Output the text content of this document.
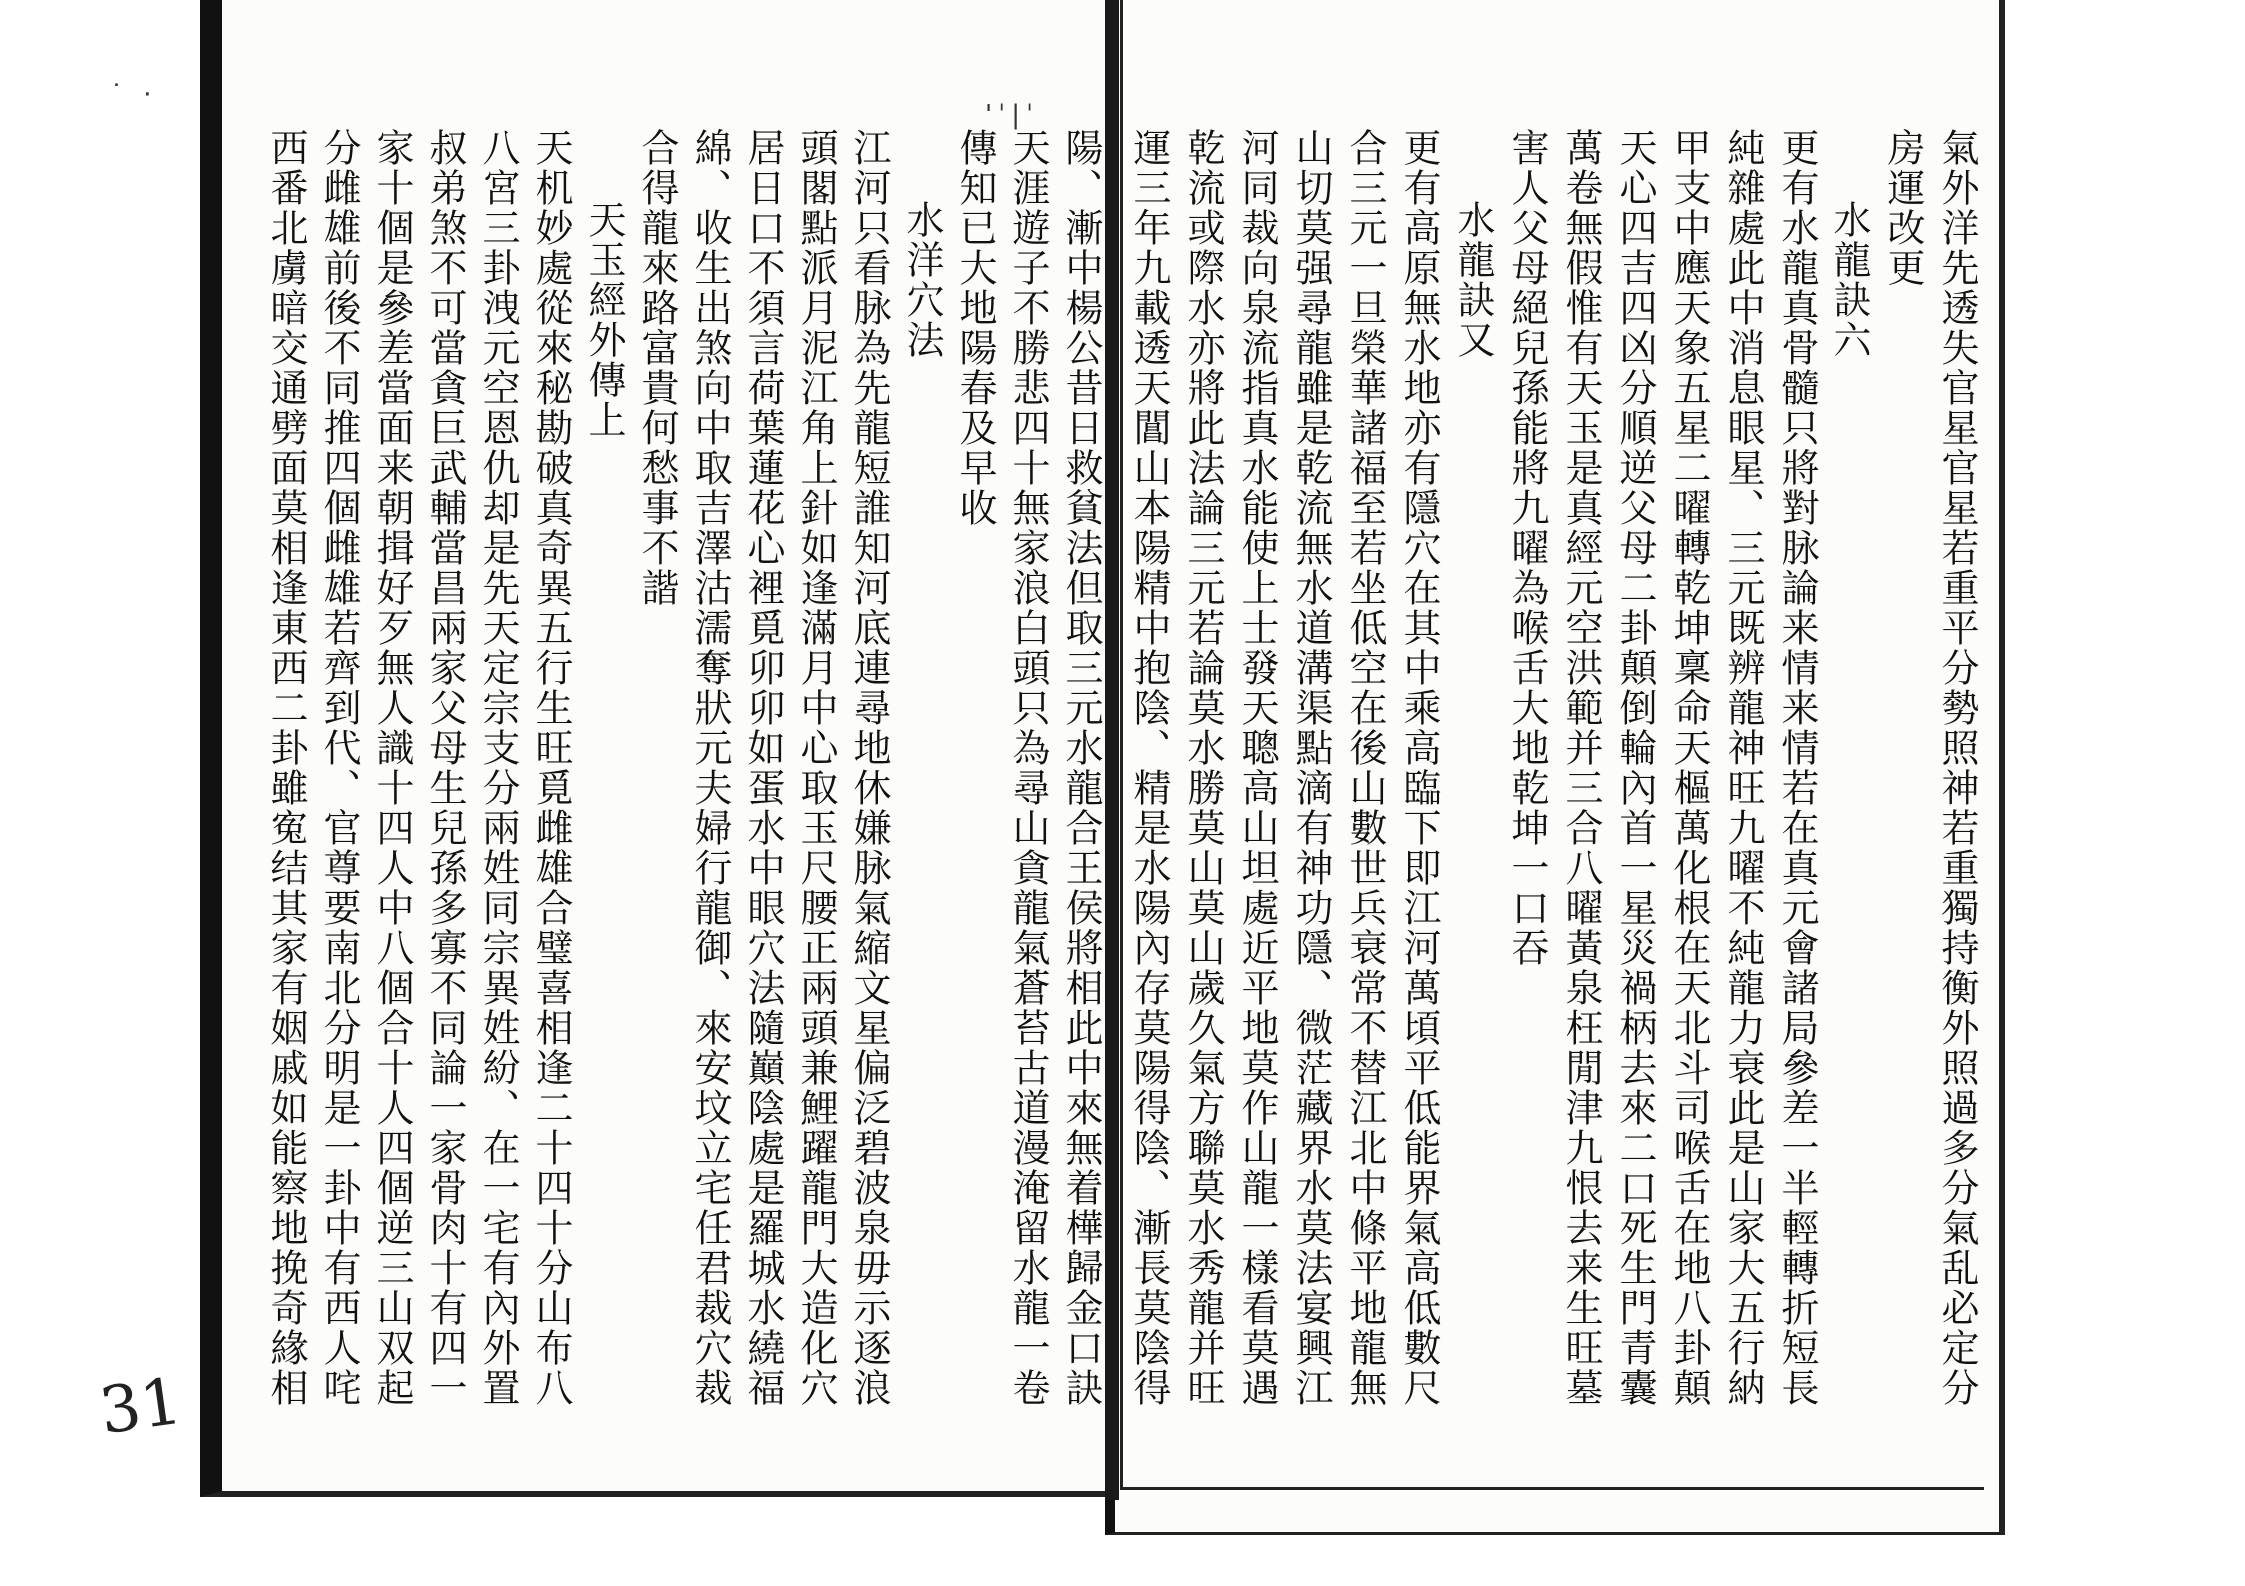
氣外洋先透失官星官星若重平分勢照神若重獨持衡外照過多分氣乱必定分
房運改更
水龍訣六
更有水龍真骨髓只將對脉論来情来情若在真元會諸局參差一半輕轉折短長
純雜處此中消息眼星、三元既辨龍神旺九曜不純龍力衰此是山家大五行納
甲支中應天象五星二曜轉乾坤稟命天樞萬化根在天北斗司喉舌在地八卦顛
天心四吉四凶分順逆父母二卦顛倒輪內首一星災禍柄去來二口死生門青囊
萬卷無假惟有天玉是真經元空洪範并三合八曜黃泉枉閒津九恨去来生旺墓
害人父母絕兒孫能將九曜為喉舌大地乾坤一口吞
水龍訣又
更有高原無水地亦有隱穴在其中乘高臨下即江河萬頃平低能界氣高低數尺
合三元一旦榮華諸福至若坐低空在後山數世兵衰常不替江北中條平地龍無
山切莫强尋龍雖是乾流無水道溝渠點滴有神功隱、微茫藏界水莫法宴興江
河同裁向泉流指真水能使上士發天聰高山坦處近平地莫作山龍一樣看莫遇
乾流或際水亦將此法論三元若論莫水勝莫山莫山歲久氣方聯莫水秀龍并旺
運三年九載透天閶山本陽精中抱陰、精是水陽內存莫陽得陰、漸長莫陰得
陽、漸中楊公昔日救貧法但取三元水龍合王侯將相此中來無着樺歸金口訣
天涯遊子不勝悲四十無家浪白頭只為尋山貪龍氣蒼苔古道漫淹留水龍一卷
傳知已大地陽春及早收
水洋穴法
江河只看脉為先龍短誰知河底連尋地休嫌脉氣縮文星偏泛碧波泉毋示逐浪
頭閣點派月泥江角上針如逢滿月中心取玉尺腰正兩頭兼鯉躍龍門大造化穴
居日口不須言荷葉蓮花心裡覓卯卯如蛋水中眼穴法隨巔陰處是羅城水繞福
綿、收生出煞向中取吉澤沽濡奪狀元夫婦行龍御、來安坟立宅任君裁穴裁
合得龍來路富貴何愁事不諧
天玉經外傳上
天机妙處從來秘勘破真奇異五行生旺覓雌雄合璧喜相逢二十四十分山布八
八宮三卦洩元空恩仇却是先天定宗支分兩姓同宗異姓紛、在一宅有內外置
叔弟煞不可當貪巨武輔當昌兩家父母生兒孫多寡不同論一家骨肉十有四一
家十個是參差當面来朝揖好歹無人識十四人中八個合十人四個逆三山双起
分雌雄前後不同推四個雌雄若齊到代、官尊要南北分明是一卦中有西人咤
西番北虜暗交通劈面莫相逢東西二卦雖寃结其家有姻戚如能察地挽奇緣相
˙ ·
'ˈ|ˈ
31
